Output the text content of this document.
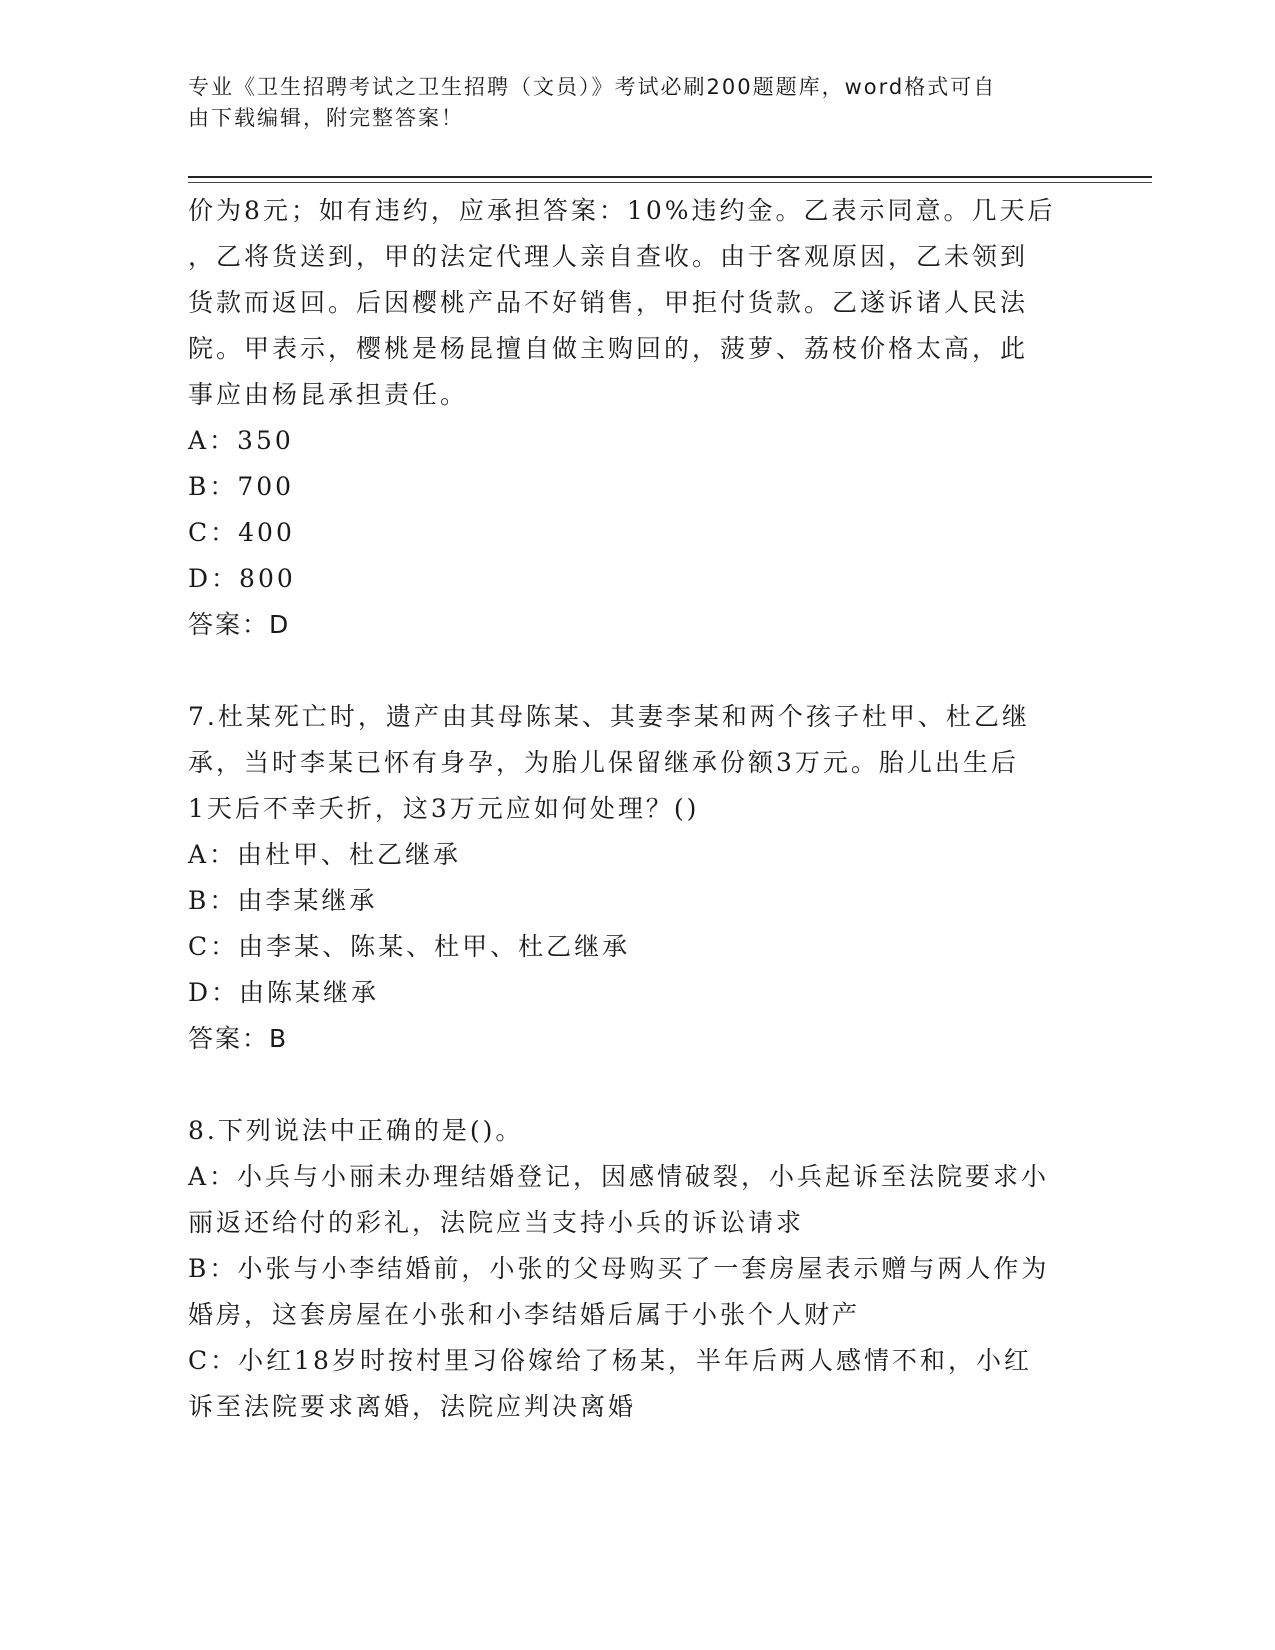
专业《卫生招聘考试之卫生招聘（文员）》考试必刷200题题库，word格式可自
由下载编辑，附完整答案！
价为8元；如有违约，应承担答案：10%违约金。乙表示同意。几天后
，乙将货送到，甲的法定代理人亲自查收。由于客观原因，乙未领到
货款而返回。后因樱桃产品不好销售，甲拒付货款。乙遂诉诸人民法
院。甲表示，樱桃是杨昆擅自做主购回的，菠萝、荔枝价格太高，此
事应由杨昆承担责任。
A：350
B：700
C：400
D：800
答案：D
7.杜某死亡时，遗产由其母陈某、其妻李某和两个孩子杜甲、杜乙继
承，当时李某已怀有身孕，为胎儿保留继承份额3万元。胎儿出生后
1天后不幸夭折，这3万元应如何处理？()
A：由杜甲、杜乙继承
B：由李某继承
C：由李某、陈某、杜甲、杜乙继承
D：由陈某继承
答案：B
8.下列说法中正确的是()。
A：小兵与小丽未办理结婚登记，因感情破裂，小兵起诉至法院要求小
丽返还给付的彩礼，法院应当支持小兵的诉讼请求
B：小张与小李结婚前，小张的父母购买了一套房屋表示赠与两人作为
婚房，这套房屋在小张和小李结婚后属于小张个人财产
C：小红18岁时按村里习俗嫁给了杨某，半年后两人感情不和，小红
诉至法院要求离婚，法院应判决离婚
